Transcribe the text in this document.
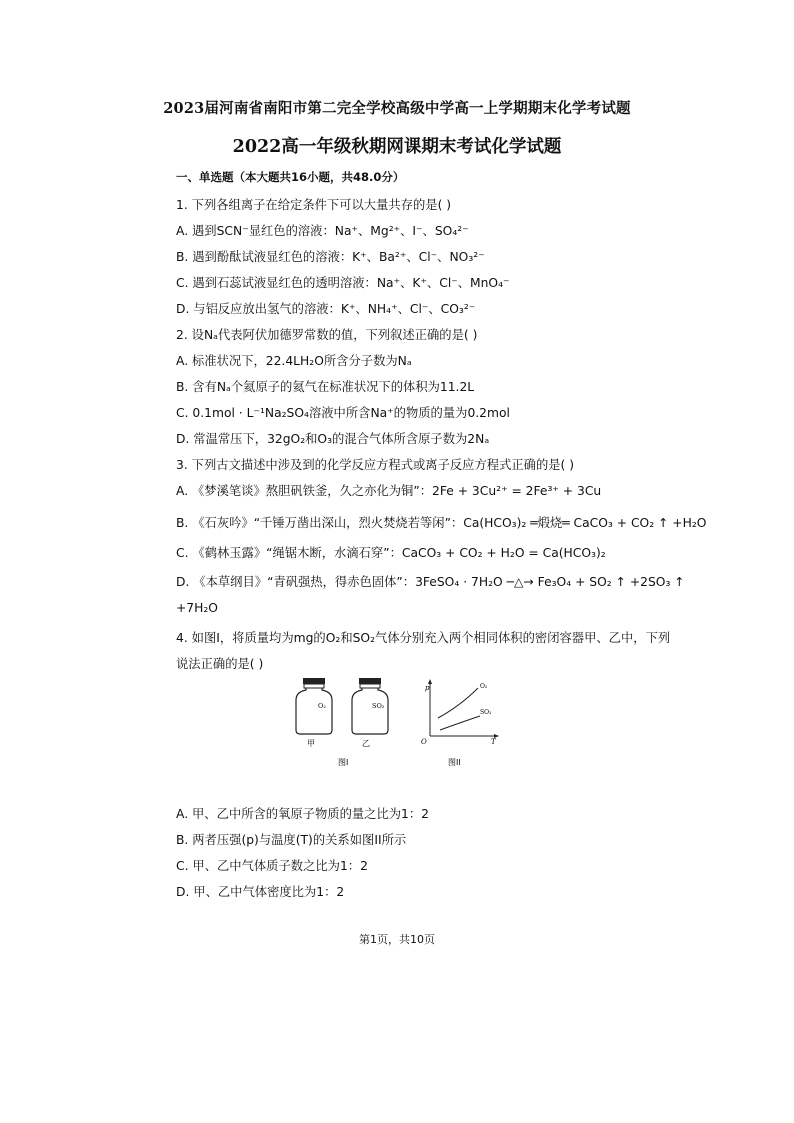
2023届河南省南阳市第二完全学校高级中学高一上学期期末化学考试题
2022高一年级秋期网课期末考试化学试题
一、单选题（本大题共16小题，共48.0分）
1. 下列各组离子在给定条件下可以大量共存的是( )
A. 遇到SCN⁻显红色的溶液：Na⁺、Mg²⁺、I⁻、SO₄²⁻
B. 遇到酚酞试液显红色的溶液：K⁺、Ba²⁺、Cl⁻、NO₃²⁻
C. 遇到石蕊试液显红色的透明溶液：Na⁺、K⁺、Cl⁻、MnO₄⁻
D. 与铝反应放出氢气的溶液：K⁺、NH₄⁺、Cl⁻、CO₃²⁻
2. 设Nₐ代表阿伏加德罗常数的值，下列叙述正确的是( )
A. 标准状况下，22.4LH₂O所含分子数为Nₐ
B. 含有Nₐ个氦原子的氦气在标准状况下的体积为11.2L
C. 0.1mol · L⁻¹Na₂SO₄溶液中所含Na⁺的物质的量为0.2mol
D. 常温常压下，32gO₂和O₃的混合气体所含原子数为2Nₐ
3. 下列古文描述中涉及到的化学反应方程式或离子反应方程式正确的是( )
A. 《梦溪笔谈》熬胆矾铁釜，久之亦化为铜”：2Fe + 3Cu²⁺ = 2Fe³⁺ + 3Cu
B. 《石灰吟》“千锤万凿出深山，烈火焚烧若等闲”：Ca(HCO₃)₂ ═煅烧═ CaCO₃ + CO₂ ↑ +H₂O
C. 《鹤林玉露》“绳锯木断，水滴石穿”：CaCO₃ + CO₂ + H₂O = Ca(HCO₃)₂
D. 《本草纲目》“青矾强热，得赤色固体”：3FeSO₄ · 7H₂O ─△→ Fe₃O₄ + SO₂ ↑ +2SO₃ ↑
+7H₂O
4. 如图I，将质量均为mg的O₂和SO₂气体分别充入两个相同体积的密闭容器甲、乙中，下列
说法正确的是( )
O₂
甲
SO₂
乙
图I
p
T
O
O₂
SO₂
图II
A. 甲、乙中所含的氧原子物质的量之比为1：2
B. 两者压强(p)与温度(T)的关系如图II所示
C. 甲、乙中气体质子数之比为1：2
D. 甲、乙中气体密度比为1：2
第1页，共10页
